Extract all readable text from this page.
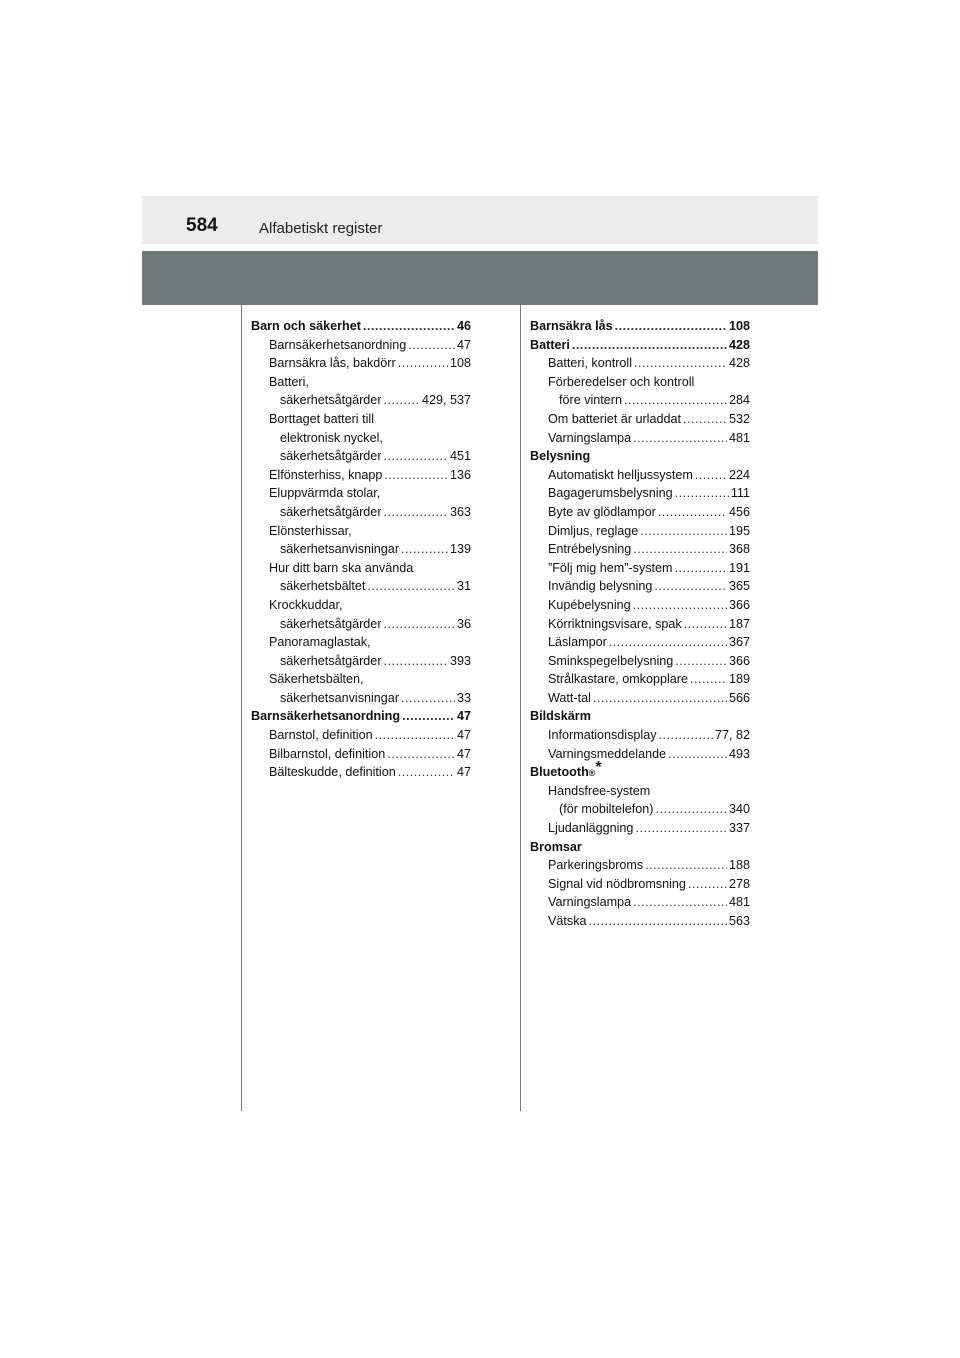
584	Alfabetiskt register
Barn och säkerhet .....	46
Barnsäkerhetsanordning .....	47
Barnsäkra lås, bakdörr .....	108
Batteri,
säkerhetsåtgärder .....	429, 537
Borttaget batteri till
elektronisk nyckel,
säkerhetsåtgärder .....	451
Elfönsterhiss, knapp .....	136
Eluppvärmda stolar,
säkerhetsåtgärder .....	363
Elönsterhissar,
säkerhetsanvisningar .....	139
Hur ditt barn ska använda
säkerhetsbältet .....	31
Krockkuddar,
säkerhetsåtgärder .....	36
Panoramaglastak,
säkerhetsåtgärder .....	393
Säkerhetsbälten,
säkerhetsanvisningar .....	33
Barnsäkerhetsanordning .....	47
Barnstol, definition .....	47
Bilbarnstol, definition .....	47
Bälteskudde, definition .....	47
Barnsäkra lås .....	108
Batteri .....	428
Batteri, kontroll .....	428
Förberedelser och kontroll
före vintern .....	284
Om batteriet är urladdat .....	532
Varningslampa .....	481
Belysning
Automatiskt helljussystem .....	224
Bagagerumsbelysning .....	111
Byte av glödlampor .....	456
Dimljus, reglage .....	195
Entrébelysning .....	368
”Följ mig hem”-system .....	191
Invändig belysning .....	365
Kupébelysning .....	366
Körriktningsvisare, spak .....	187
Läslampor .....	367
Sminkspegelbelysning .....	366
Strålkastare, omkopplare .....	189
Watt-tal .....	566
Bildskärm
Informationsdisplay .....	77, 82
Varningsmeddelande .....	493
Bluetooth ® *
Handsfree-system
(för mobiltelefon) .....	340
Ljudanläggning .....	337
Bromsar
Parkeringsbroms .....	188
Signal vid nödbromsning .....	278
Varningslampa .....	481
Vätska .....	563
